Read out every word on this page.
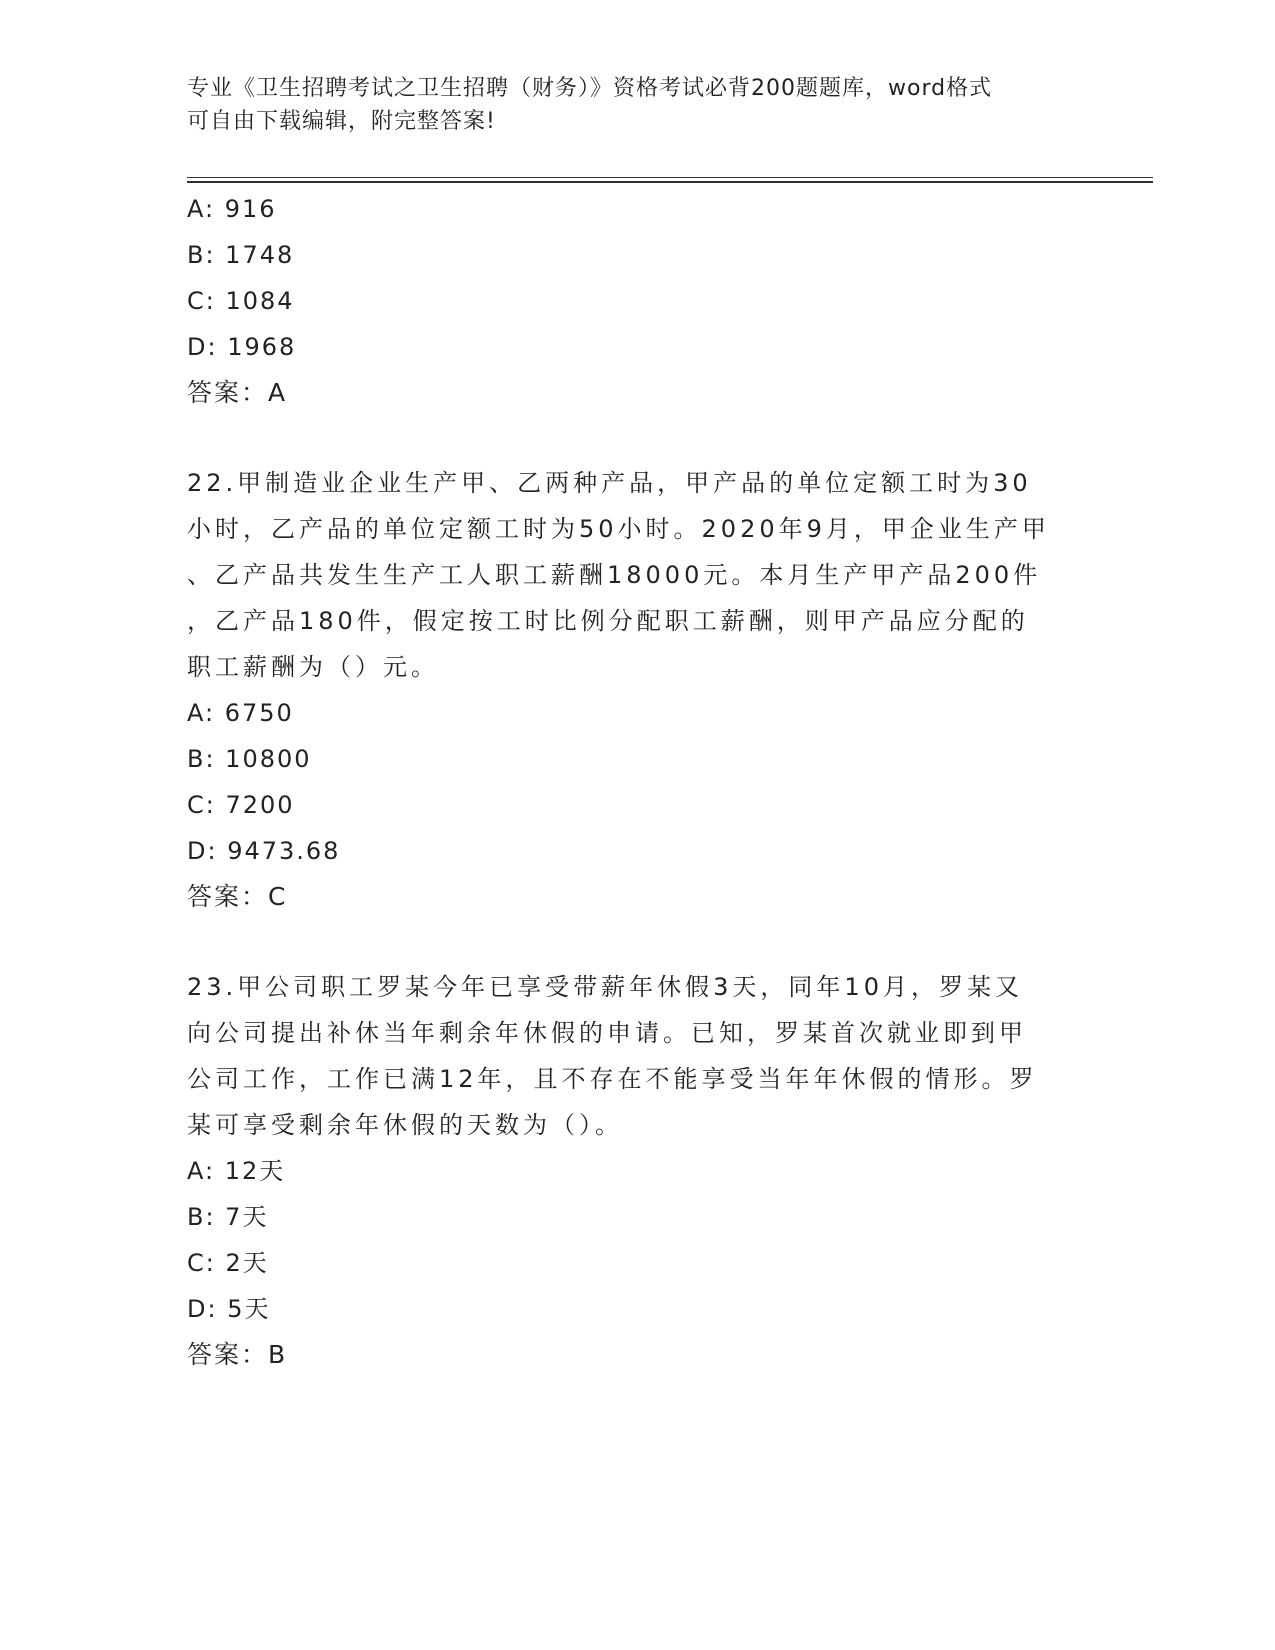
专业《卫生招聘考试之卫生招聘（财务）》资格考试必背200题题库，word格式
可自由下载编辑，附完整答案!
A: 916
B: 1748
C: 1084
D: 1968
答案：A
22.甲制造业企业生产甲、乙两种产品，甲产品的单位定额工时为30
小时，乙产品的单位定额工时为50小时。2020年9月，甲企业生产甲
、乙产品共发生生产工人职工薪酬18000元。本月生产甲产品200件
，乙产品180件，假定按工时比例分配职工薪酬，则甲产品应分配的
职工薪酬为（）元。
A: 6750
B: 10800
C: 7200
D: 9473.68
答案：C
23.甲公司职工罗某今年已享受带薪年休假3天，同年10月，罗某又
向公司提出补休当年剩余年休假的申请。已知，罗某首次就业即到甲
公司工作，工作已满12年，且不存在不能享受当年年休假的情形。罗
某可享受剩余年休假的天数为（）。
A: 12天
B: 7天
C: 2天
D: 5天
答案：B
